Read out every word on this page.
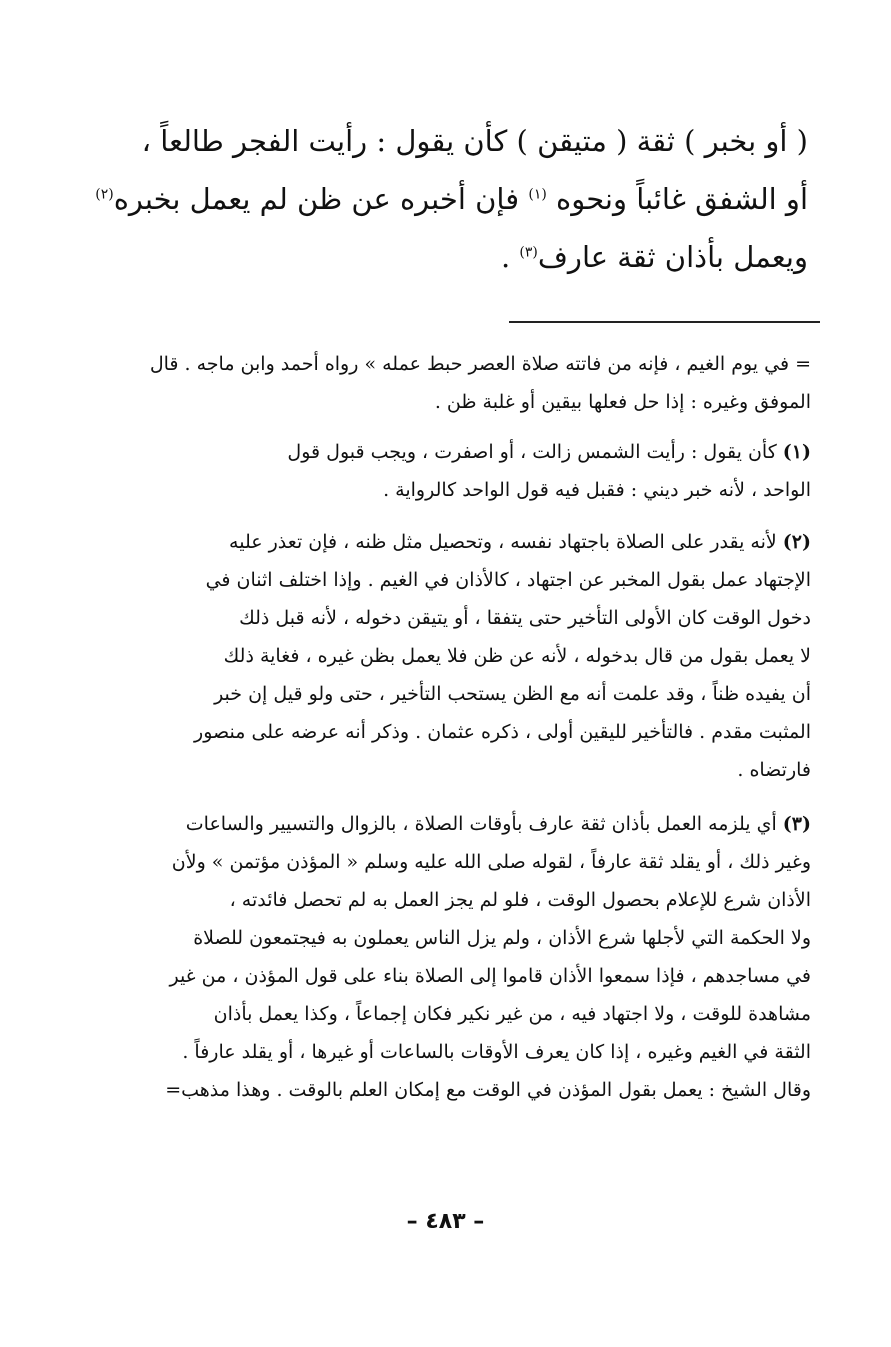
( أو بخبر ) ثقة ( متيقن ) كأن يقول : رأيت الفجر طالعاً ،
أو الشفق غائباً ونحوه $^{(١)}$ فإن أخبره عن ظن لم يعمل بخبره$^{(٢)}$
ويعمل بأذان ثقة عارف$^{(٣)}$ .
= في يوم الغيم ، فإنه من فاتته صلاة العصر حبط عمله » رواه أحمد وابن ماجه . قال
الموفق وغيره : إذا حل فعلها بيقين أو غلبة ظن .
(١) كأن يقول : رأيت الشمس زالت ، أو اصفرت ، ويجب قبول قول
الواحد ، لأنه خبر ديني : فقبل فيه قول الواحد كالرواية .
(٢) لأنه يقدر على الصلاة باجتهاد نفسه ، وتحصيل مثل ظنه ، فإن تعذر عليه
الإجتهاد عمل بقول المخبر عن اجتهاد ، كالأذان في الغيم . وإذا اختلف اثنان في
دخول الوقت كان الأولى التأخير حتى يتفقا ، أو يتيقن دخوله ، لأنه قبل ذلك
لا يعمل بقول من قال بدخوله ، لأنه عن ظن فلا يعمل بظن غيره ، فغاية ذلك
أن يفيده ظناً ، وقد علمت أنه مع الظن يستحب التأخير ، حتى ولو قيل إن خبر
المثبت مقدم . فالتأخير لليقين أولى ، ذكره عثمان . وذكر أنه عرضه على منصور
فارتضاه .
(٣) أي يلزمه العمل بأذان ثقة عارف بأوقات الصلاة ، بالزوال والتسيير والساعات
وغير ذلك ، أو يقلد ثقة عارفاً ، لقوله صلى الله عليه وسلم « المؤذن مؤتمن » ولأن
الأذان شرع للإعلام بحصول الوقت ، فلو لم يجز العمل به لم تحصل فائدته ،
ولا الحكمة التي لأجلها شرع الأذان ، ولم يزل الناس يعملون به فيجتمعون للصلاة
في مساجدهم ، فإذا سمعوا الأذان قاموا إلى الصلاة بناء على قول المؤذن ، من غير
مشاهدة للوقت ، ولا اجتهاد فيه ، من غير نكير فكان إجماعاً ، وكذا يعمل بأذان
الثقة في الغيم وغيره ، إذا كان يعرف الأوقات بالساعات أو غيرها ، أو يقلد عارفاً .
وقال الشيخ : يعمل بقول المؤذن في الوقت مع إمكان العلم بالوقت . وهذا مذهب=
– ٤٨٣ –
